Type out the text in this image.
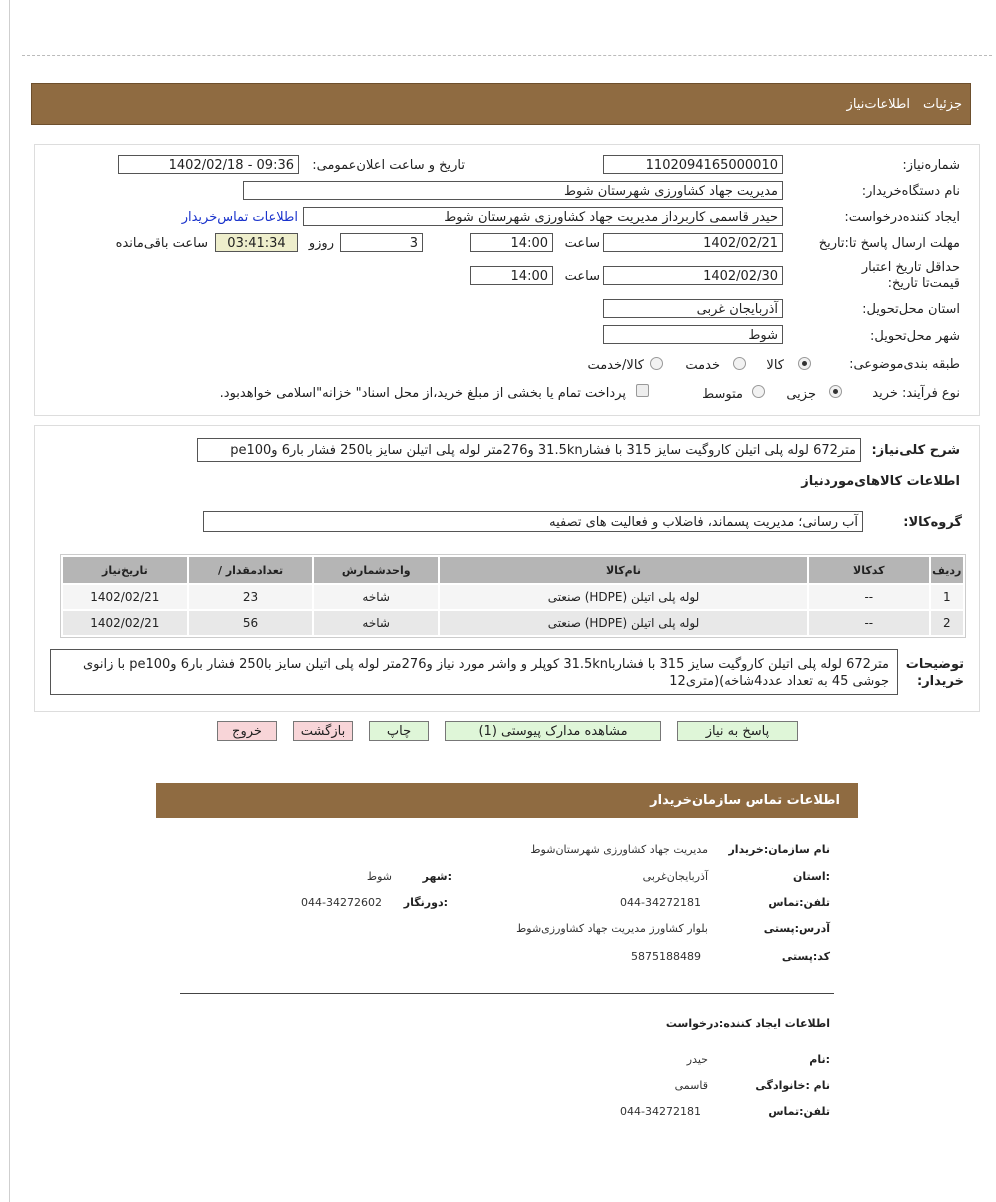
جزئیات
اطلاعات‌نیاز
شماره‌نیاز:
1102094165000010
تاریخ و ساعت اعلان‌عمومی:
1402/02/18 - 09:36
نام دستگاه‌خریدار:
مدیریت جهاد کشاورزی شهرستان شوط
ایجاد کننده‌درخواست:
حیدر قاسمی کاربرداز مدیریت جهاد کشاورزی شهرستان شوط
اطلاعات تماس‌خریدار
مهلت ارسال پاسخ تا:تاریخ
1402/02/21
ساعت
14:00
3
روزو
03:41:34
ساعت باقی‌مانده
حداقل تاریخ اعتبار قیمت‌تا تاریخ:
1402/02/30
ساعت
14:00
استان محل‌تحویل:
آذربایجان غربی
شهر محل‌تحویل:
شوط
طبقه بندی‌موضوعی:
کالا
خدمت
کالا/خدمت
نوع فرآیند: خرید
جزیی
متوسط
پرداخت تمام یا بخشی از مبلغ خرید،از محل اسناد" خزانه"اسلامی خواهد‌بود.
شرح کلی‌نیاز:
متر672 لوله پلی اتیلن کاروگیت سایز 315 با فشار31.5kn و276متر لوله پلی اتیلن سایز با250 فشار بار6 وpe100
اطلاعات کالاهای‌موردنیاز
گروه‌کالا:
آب رسانی؛ مدیریت پسماند، فاضلاب و فعالیت های تصفیه
ردیف	کدکالا	نام‌کالا	واحدشمارش	تعداد‌مقدار /	تاریخ‌نیاز
1	--	لوله پلی اتیلن (HDPE) صنعتی	شاخه	23	1402/02/21
2	--	لوله پلی اتیلن (HDPE) صنعتی	شاخه	56	1402/02/21
توضیحات خریدار:
متر672 لوله پلی اتیلن کاروگیت سایز 315 با فشاربا31.5kn کوپلر و واشر مورد نیاز و276متر لوله پلی اتیلن سایز با250 فشار بار6 وpe100 با زانوی جوشی 45 به تعداد عدد4شاخه)(متری12
پاسخ به نیاز
مشاهده مدارک پیوستی (1)
چاپ
بازگشت
خروج
اطلاعات تماس سازمان‌خریدار
نام سازمان:خریدار
مدیریت جهاد کشاورزی شهرستان‌شوط
:استان
آذربایجان‌غربی
:شهر
شوط
تلفن:تماس
044-34272181
:دورنگار
044-34272602
آدرس:پستی
بلوار کشاورز مدیریت جهاد کشاورزی‌شوط
کد:پستی
5875188489
اطلاعات ایجاد کننده:درخواست
:نام
حیدر
نام :خانوادگی
قاسمی
تلفن:تماس
044-34272181
